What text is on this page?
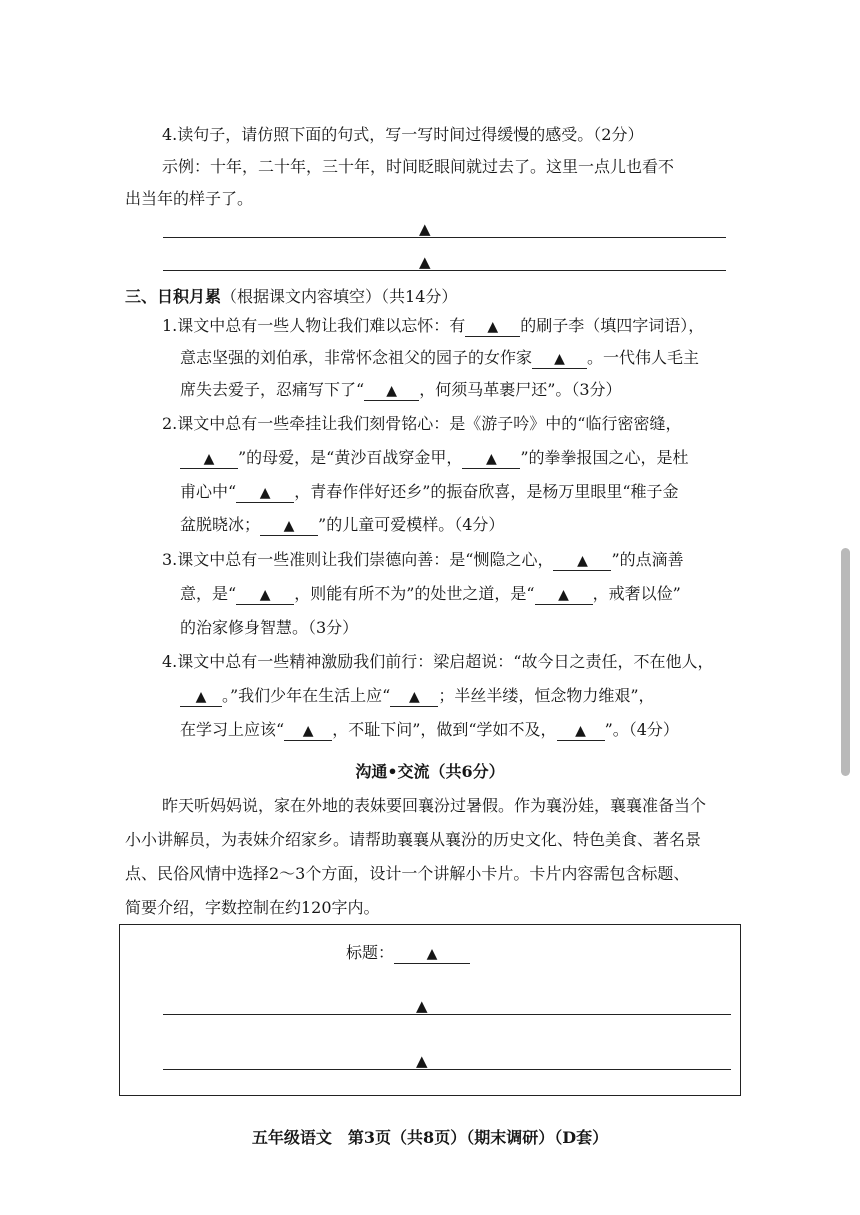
4.读句子，请仿照下面的句式，写一写时间过得缓慢的感受。（2分）
示例：十年，二十年，三十年，时间眨眼间就过去了。这里一点儿也看不
出当年的样子了。
▲
▲
三、日积月累（根据课文内容填空）（共14分）
1.课文中总有一些人物让我们难以忘怀：有 ▲ 的刷子李（填四字词语），
意志坚强的刘伯承，非常怀念祖父的园子的女作家 ▲ 。一代伟人毛主
席失去爱子，忍痛写下了“ ▲ ，何须马革裹尸还”。（3分）
2.课文中总有一些牵挂让我们刻骨铭心：是《游子吟》中的“临行密密缝，
▲ ”的母爱，是“黄沙百战穿金甲， ▲ ”的拳拳报国之心，是杜
甫心中“ ▲ ，青春作伴好还乡”的振奋欣喜，是杨万里眼里“稚子金
盆脱晓冰； ▲ ”的儿童可爱模样。（4分）
3.课文中总有一些准则让我们崇德向善：是“恻隐之心， ▲ ”的点滴善
意，是“ ▲ ，则能有所不为”的处世之道，是“ ▲ ，戒奢以俭”
的治家修身智慧。（3分）
4.课文中总有一些精神激励我们前行：梁启超说：“故今日之责任，不在他人，
▲ 。”我们少年在生活上应“ ▲ ；半丝半缕，恒念物力维艰”，
在学习上应该“ ▲ ，不耻下问”，做到“学如不及， ▲ ”。（4分）
沟通•交流（共6分）
昨天听妈妈说，家在外地的表妹要回襄汾过暑假。作为襄汾娃，襄襄准备当个
小小讲解员，为表妹介绍家乡。请帮助襄襄从襄汾的历史文化、特色美食、著名景
点、民俗风情中选择2～3个方面，设计一个讲解小卡片。卡片内容需包含标题、
简要介绍，字数控制在约120字内。
标题： ▲
▲
▲
五年级语文　第3页（共8页）（期末调研）（D套）
